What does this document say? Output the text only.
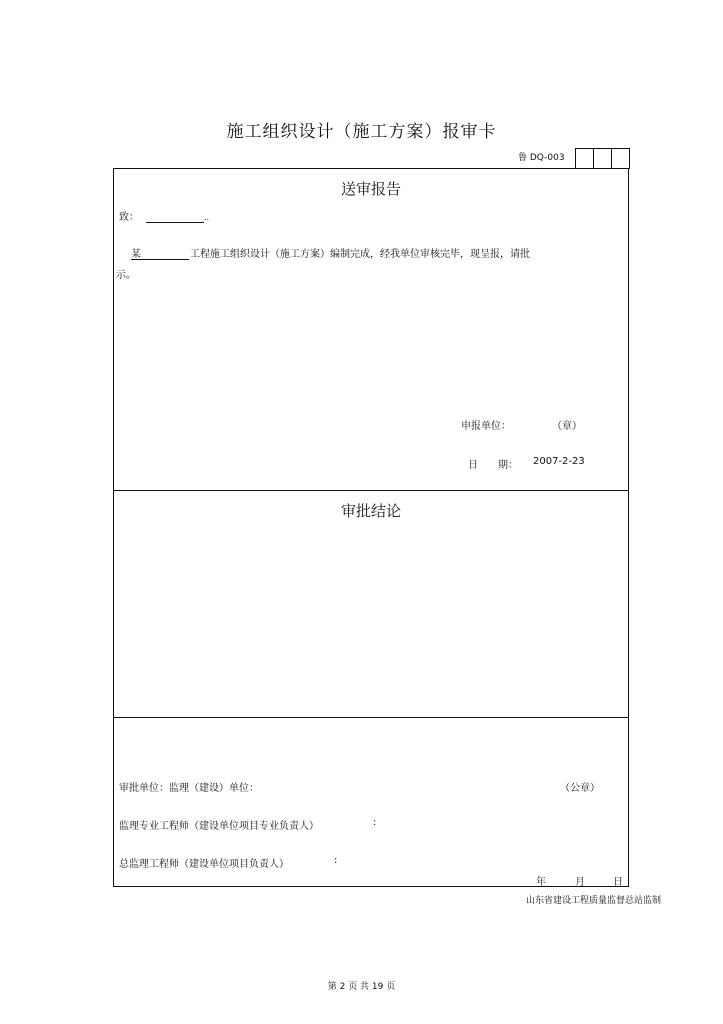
施工组织设计（施工方案）报审卡
鲁 DQ-003
送审报告
致：	..
某	工程施工组织设计（施工方案）编制完成，经我单位审核完毕，现呈报，请批
示。
申报单位：	（章）
日　　期： 2007-2-23
审批结论
审批单位：监理（建设）单位：	（公章）
监理专业工程师（建设单位项目专业负责人）	:
总监理工程师（建设单位项目负责人）	:
年	月	日
山东省建设工程质量监督总站监制
第 2 页 共 19 页
